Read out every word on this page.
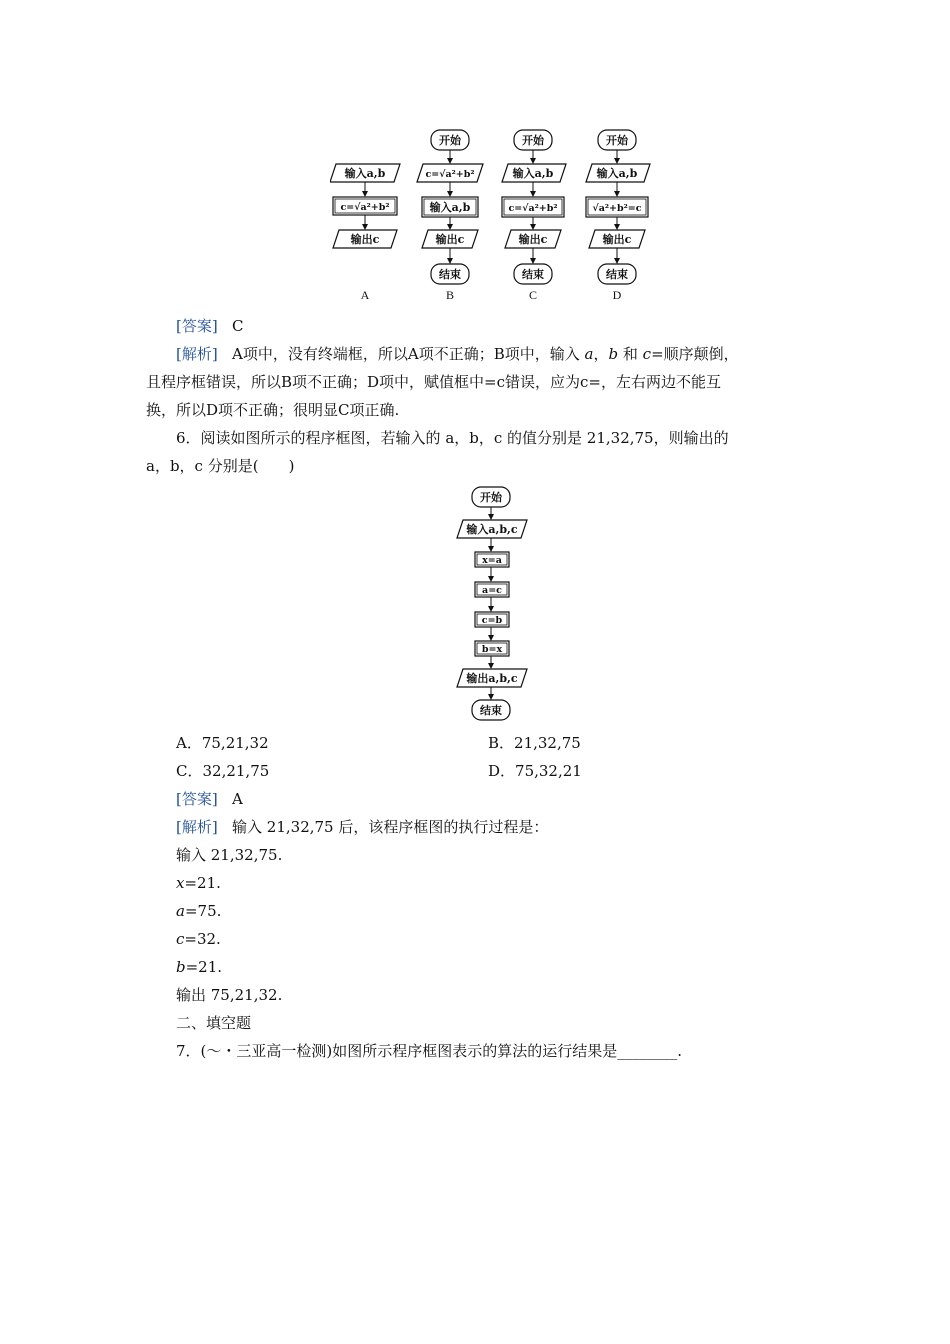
输入a,b
c=√a²+b²
输出c
A
开始
c=√a²+b²
输入a,b
输出c
结束
B
开始
输入a,b
c=√a²+b²
输出c
结束
C
开始
输入a,b
√a²+b²=c
输出c
结束
D
[答案] C
[解析] A项中，没有终端框，所以A项不正确；B项中，输入 a，b 和 c=顺序颠倒，
且程序框错误，所以B项不正确；D项中，赋值框中=c错误，应为c=，左右两边不能互
换，所以D项不正确；很明显C项正确.
6．阅读如图所示的程序框图，若输入的 a，b，c 的值分别是 21,32,75，则输出的
a，b，c 分别是(　　)
开始
输入a,b,c
x=a
a=c
c=b
b=x
输出a,b,c
结束
A．75,21,32	B．21,32,75
C．32,21,75	D．75,32,21
[答案] A
[解析] 输入 21,32,75 后，该程序框图的执行过程是：
输入 21,32,75.
x=21.
a=75.
c=32.
b=21.
输出 75,21,32.
二、填空题
7．(～・三亚高一检测)如图所示程序框图表示的算法的运行结果是________.
